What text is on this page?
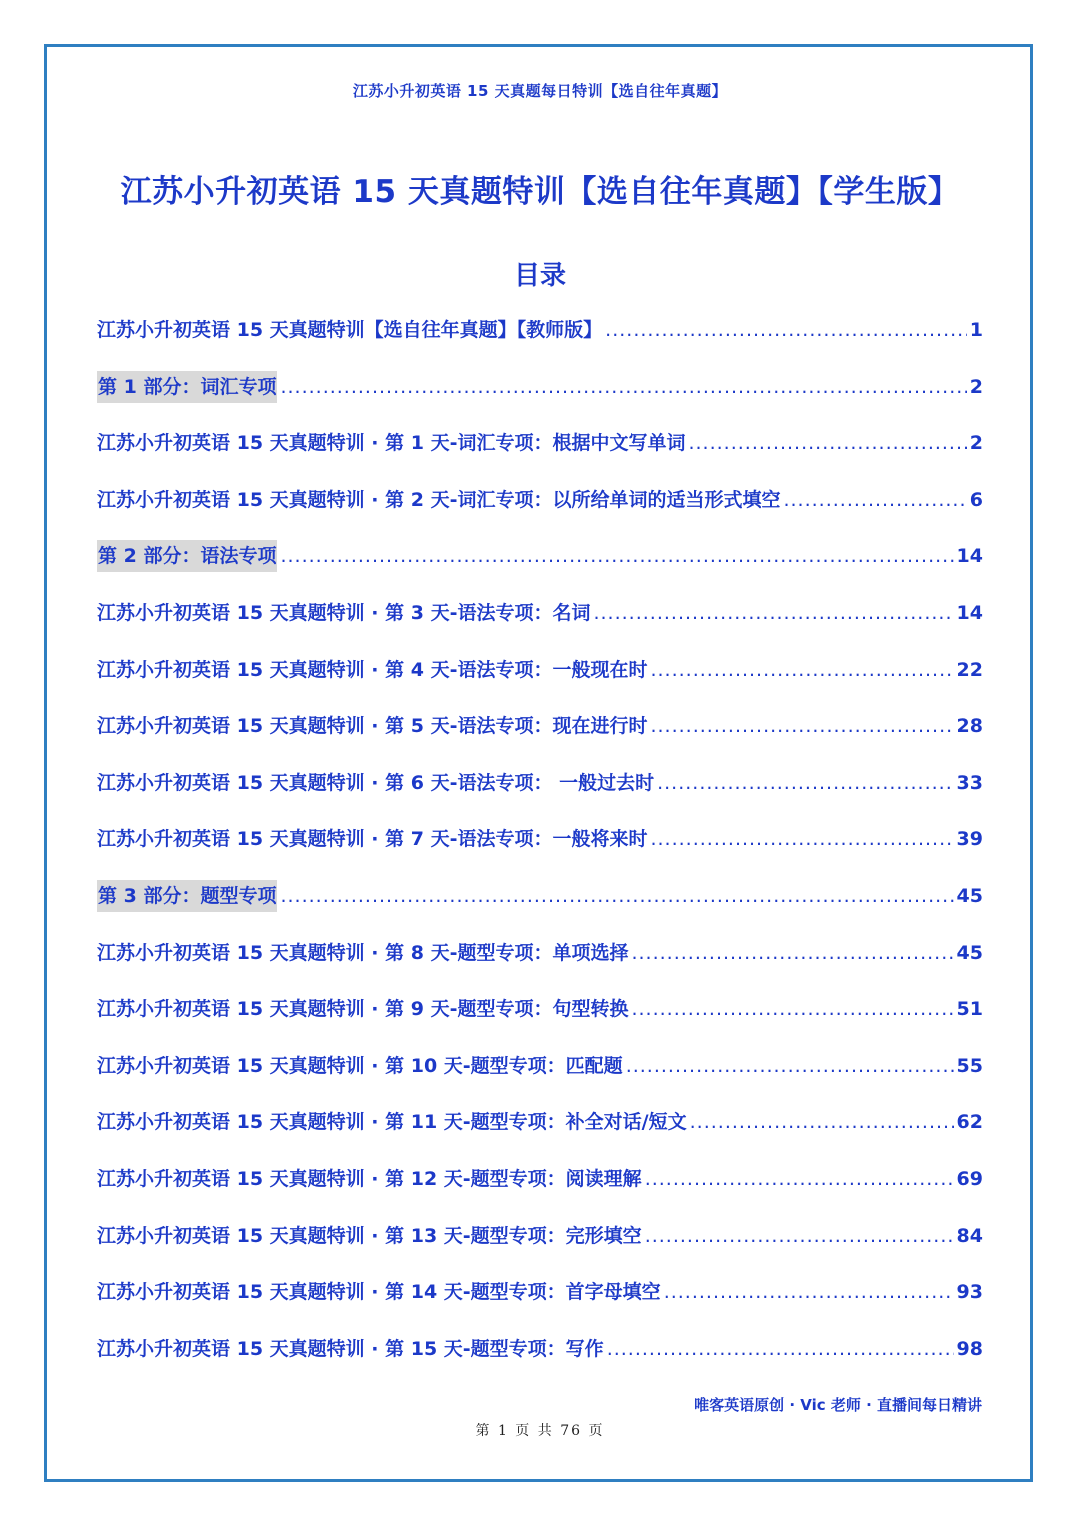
江苏小升初英语 15 天真题每日特训【选自往年真题】
江苏小升初英语 15 天真题特训【选自往年真题】【学生版】
目录
江苏小升初英语 15 天真题特训【选自往年真题】【教师版】 .....	1
第 1 部分：词汇专项 .....	2
江苏小升初英语 15 天真题特训 · 第 1 天-词汇专项：根据中文写单词 .....	2
江苏小升初英语 15 天真题特训 · 第 2 天-词汇专项：以所给单词的适当形式填空 .....	6
第 2 部分：语法专项 .....	14
江苏小升初英语 15 天真题特训 · 第 3 天-语法专项：名词 .....	14
江苏小升初英语 15 天真题特训 · 第 4 天-语法专项：一般现在时 .....	22
江苏小升初英语 15 天真题特训 · 第 5 天-语法专项：现在进行时 .....	28
江苏小升初英语 15 天真题特训 · 第 6 天-语法专项： 一般过去时 .....	33
江苏小升初英语 15 天真题特训 · 第 7 天-语法专项：一般将来时 .....	39
第 3 部分：题型专项 .....	45
江苏小升初英语 15 天真题特训 · 第 8 天-题型专项：单项选择 .....	45
江苏小升初英语 15 天真题特训 · 第 9 天-题型专项：句型转换 .....	51
江苏小升初英语 15 天真题特训 · 第 10 天-题型专项：匹配题 .....	55
江苏小升初英语 15 天真题特训 · 第 11 天-题型专项：补全对话/短文 .....	62
江苏小升初英语 15 天真题特训 · 第 12 天-题型专项：阅读理解 .....	69
江苏小升初英语 15 天真题特训 · 第 13 天-题型专项：完形填空 .....	84
江苏小升初英语 15 天真题特训 · 第 14 天-题型专项：首字母填空 .....	93
江苏小升初英语 15 天真题特训 · 第 15 天-题型专项：写作 .....	98
唯客英语原创 · Vic 老师 · 直播间每日精讲
第 1 页 共 76 页
